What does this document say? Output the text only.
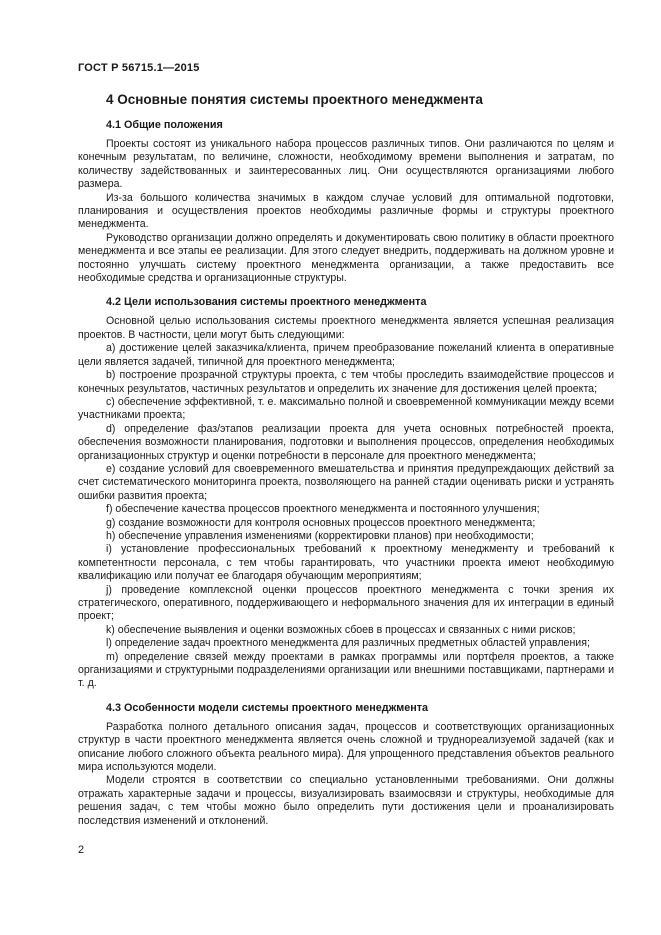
ГОСТ Р 56715.1—2015
4 Основные понятия системы проектного менеджмента
4.1 Общие положения

Проекты состоят из уникального набора процессов различных типов. Они различаются по целям и конечным результатам, по величине, сложности, необходимому времени выполнения и затратам, по количеству задействованных и заинтересованных лиц. Они осуществляются организациями любого размера.

Из-за большого количества значимых в каждом случае условий для оптимальной подготовки, планирования и осуществления проектов необходимы различные формы и структуры проектного менеджмента.

Руководство организации должно определять и документировать свою политику в области проектного менеджмента и все этапы ее реализации. Для этого следует внедрить, поддерживать на должном уровне и постоянно улучшать систему проектного менеджмента организации, а также предоставить все необходимые средства и организационные структуры.

4.2 Цели использования системы проектного менеджмента

Основной целью использования системы проектного менеджмента является успешная реализация проектов. В частности, цели могут быть следующими:

a) достижение целей заказчика/клиента, причем преобразование пожеланий клиента в оперативные цели является задачей, типичной для проектного менеджмента;

b) построение прозрачной структуры проекта, с тем чтобы проследить взаимодействие процессов и конечных результатов, частичных результатов и определить их значение для достижения целей проекта;

c) обеспечение эффективной, т. е. максимально полной и своевременной коммуникации между всеми участниками проекта;

d) определение фаз/этапов реализации проекта для учета основных потребностей проекта, обеспечения возможности планирования, подготовки и выполнения процессов, определения необходимых организационных структур и оценки потребности в персонале для проектного менеджмента;

e) создание условий для своевременного вмешательства и принятия предупреждающих действий за счет систематического мониторинга проекта, позволяющего на ранней стадии оценивать риски и устранять ошибки развития проекта;

f) обеспечение качества процессов проектного менеджмента и постоянного улучшения;

g) создание возможности для контроля основных процессов проектного менеджмента;

h) обеспечение управления изменениями (корректировки планов) при необходимости;

i) установление профессиональных требований к проектному менеджменту и требований к компетентности персонала, с тем чтобы гарантировать, что участники проекта имеют необходимую квалификацию или получат ее благодаря обучающим мероприятиям;

j) проведение комплексной оценки процессов проектного менеджмента с точки зрения их стратегического, оперативного, поддерживающего и неформального значения для их интеграции в единый проект;

k) обеспечение выявления и оценки возможных сбоев в процессах и связанных с ними рисков;

l) определение задач проектного менеджмента для различных предметных областей управления;

m) определение связей между проектами в рамках программы или портфеля проектов, а также организациями и структурными подразделениями организации или внешними поставщиками, партнерами и т. д.

4.3 Особенности модели системы проектного менеджмента

Разработка полного детального описания задач, процессов и соответствующих организационных структур в части проектного менеджмента является очень сложной и труднореализуемой задачей (как и описание любого сложного объекта реального мира). Для упрощенного представления объектов реального мира используются модели.

Модели строятся в соответствии со специально установленными требованиями. Они должны отражать характерные задачи и процессы, визуализировать взаимосвязи и структуры, необходимые для решения задач, с тем чтобы можно было определить пути достижения цели и проанализировать последствия изменений и отклонений.

2
